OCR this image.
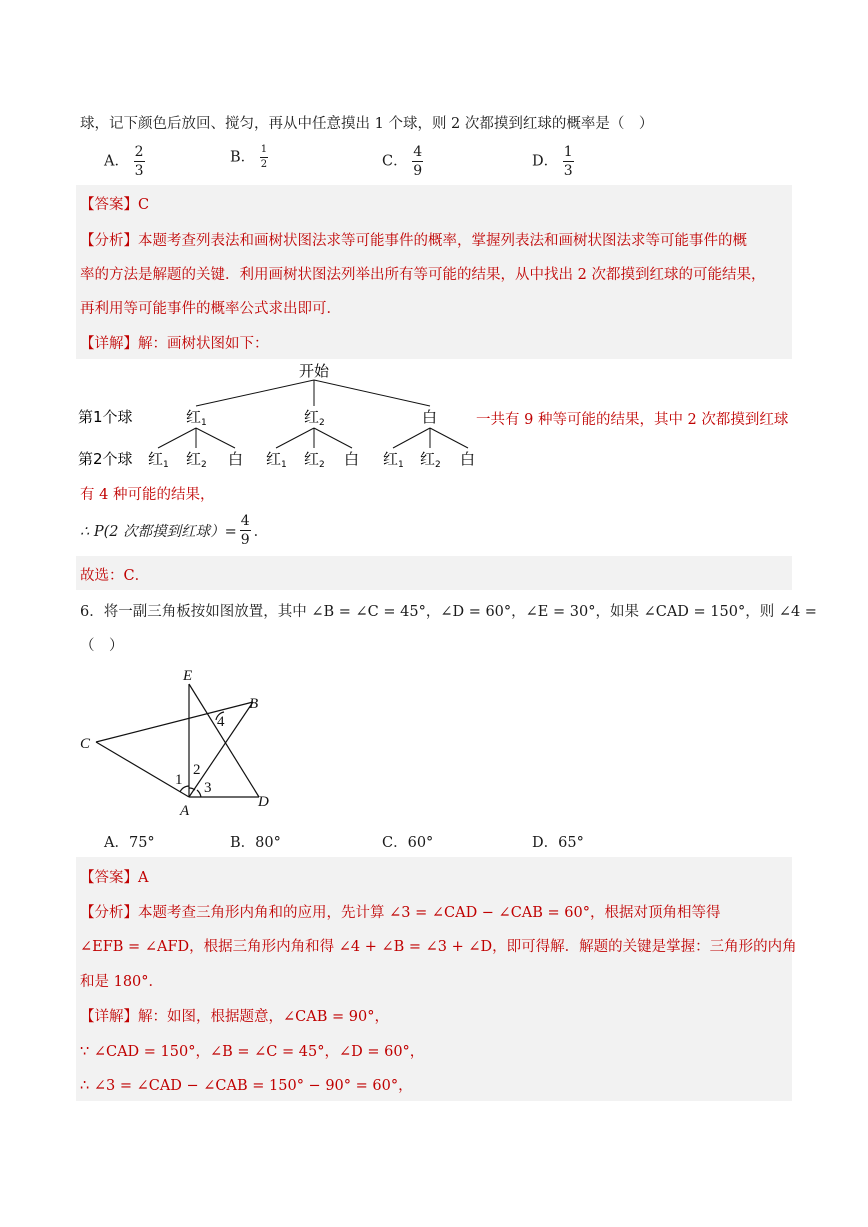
球，记下颜色后放回、搅匀，再从中任意摸出 1 个球，则 2 次都摸到红球的概率是（　）
A． $\frac{2}{3}$	B． $\frac{1}{2}$	C． $\frac{4}{9}$	D． $\frac{1}{3}$
【答案】C
【分析】本题考查列表法和画树状图法求等可能事件的概率，掌握列表法和画树状图法求等可能事件的概
率的方法是解题的关键．利用画树状图法列举出所有等可能的结果，从中找出 2 次都摸到红球的可能结果，
再利用等可能事件的概率公式求出即可．
【详解】解：画树状图如下：
开始
第1个球
第2个球
红$_1$	红$_2$	白
红$_1$ 红$_2$ 白 红$_1$ 红$_2$ 白 红$_1$ 红$_2$ 白
一共有 9 种等可能的结果，其中 2 次都摸到红球
有 4 种可能的结果，
∴ P(2 次都摸到红球）= $\frac{4}{9}$ ．
故选：C．
6．将一副三角板按如图放置，其中 ∠B = ∠C = 45°，∠D = 60°，∠E = 30°，如果 ∠CAD = 150°，则 ∠4 =
（　）
E
B
C
A
D
1
2
3
4
A．75°	B．80°	C．60°	D．65°
【答案】A
【分析】本题考查三角形内角和的应用，先计算 ∠3 = ∠CAD − ∠CAB = 60°，根据对顶角相等得
∠EFB = ∠AFD，根据三角形内角和得 ∠4 + ∠B = ∠3 + ∠D，即可得解．解题的关键是掌握：三角形的内角
和是 180°．
【详解】解：如图，根据题意，∠CAB = 90°，
∵ ∠CAD = 150°，∠B = ∠C = 45°，∠D = 60°，
∴ ∠3 = ∠CAD − ∠CAB = 150° − 90° = 60°，
